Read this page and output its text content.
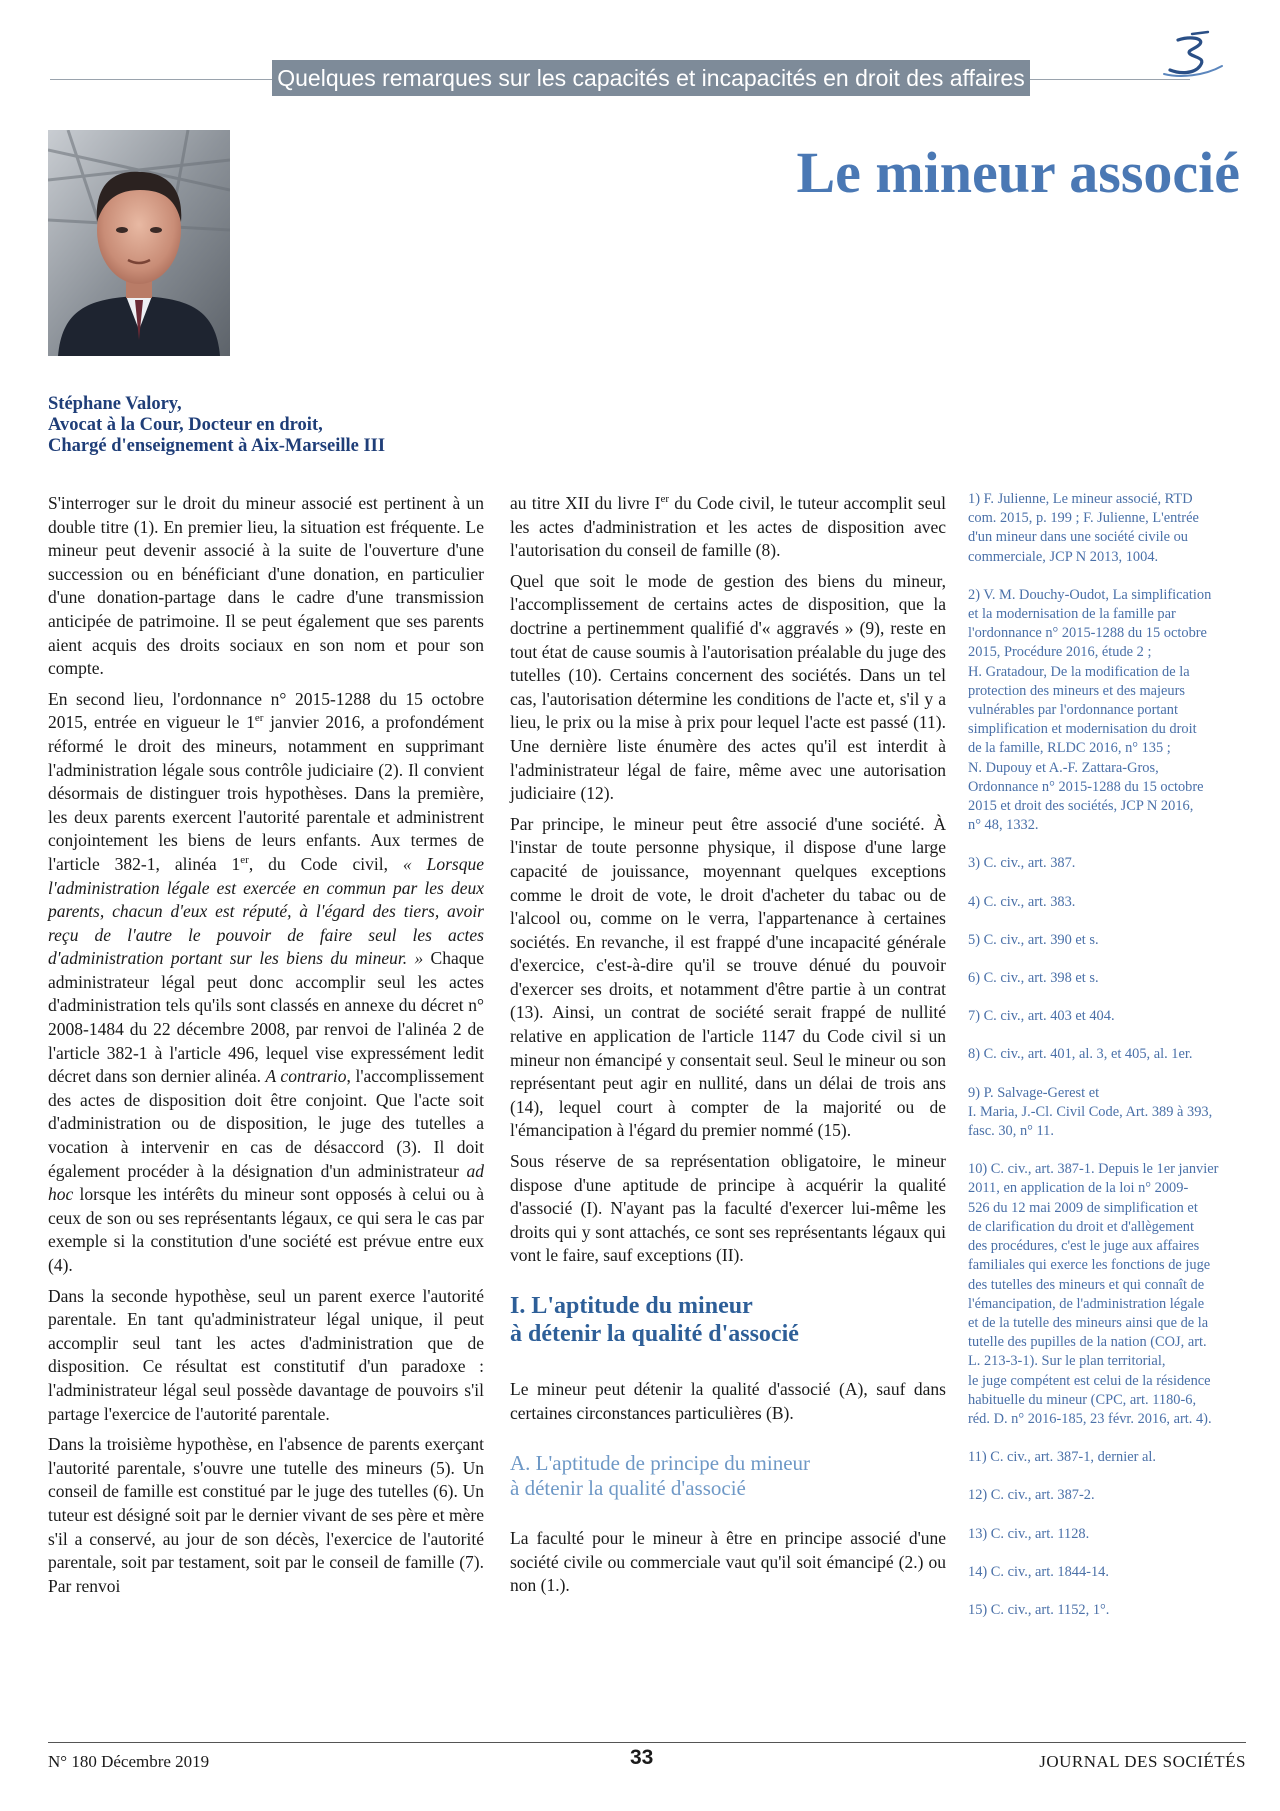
Quelques remarques sur les capacités et incapacités en droit des affaires
Le mineur associé
Stéphane Valory,
Avocat à la Cour, Docteur en droit,
Chargé d'enseignement à Aix-Marseille III

S'interroger sur le droit du mineur associé est pertinent à un double titre (1). En premier lieu, la situation est fréquente. Le mineur peut devenir associé à la suite de l'ouverture d'une succession ou en bénéficiant d'une donation, en particulier d'une donation-partage dans le cadre d'une transmission anticipée de patrimoine. Il se peut également que ses parents aient acquis des droits sociaux en son nom et pour son compte.

En second lieu, l'ordonnance n° 2015-1288 du 15 octobre 2015, entrée en vigueur le 1er janvier 2016, a profondément réformé le droit des mineurs, notamment en supprimant l'administration légale sous contrôle judiciaire (2). Il convient désormais de distinguer trois hypothèses. Dans la première, les deux parents exercent l'autorité parentale et administrent conjointement les biens de leurs enfants. Aux termes de l'article 382-1, alinéa 1er, du Code civil, « Lorsque l'administration légale est exercée en commun par les deux parents, chacun d'eux est réputé, à l'égard des tiers, avoir reçu de l'autre le pouvoir de faire seul les actes d'administration portant sur les biens du mineur. » Chaque administrateur légal peut donc accomplir seul les actes d'administration tels qu'ils sont classés en annexe du décret n° 2008-1484 du 22 décembre 2008, par renvoi de l'alinéa 2 de l'article 382-1 à l'article 496, lequel vise expressément ledit décret dans son dernier alinéa. A contrario, l'accomplissement des actes de disposition doit être conjoint. Que l'acte soit d'administration ou de disposition, le juge des tutelles a vocation à intervenir en cas de désaccord (3). Il doit également procéder à la désignation d'un administrateur ad hoc lorsque les intérêts du mineur sont opposés à celui ou à ceux de son ou ses représentants légaux, ce qui sera le cas par exemple si la constitution d'une société est prévue entre eux (4).

Dans la seconde hypothèse, seul un parent exerce l'autorité parentale. En tant qu'administrateur légal unique, il peut accomplir seul tant les actes d'administration que de disposition. Ce résultat est constitutif d'un paradoxe : l'administrateur légal seul possède davantage de pouvoirs s'il partage l'exercice de l'autorité parentale.

Dans la troisième hypothèse, en l'absence de parents exerçant l'autorité parentale, s'ouvre une tutelle des mineurs (5). Un conseil de famille est constitué par le juge des tutelles (6). Un tuteur est désigné soit par le dernier vivant de ses père et mère s'il a conservé, au jour de son décès, l'exercice de l'autorité parentale, soit par testament, soit par le conseil de famille (7). Par renvoi

au titre XII du livre Ier du Code civil, le tuteur accomplit seul les actes d'administration et les actes de disposition avec l'autorisation du conseil de famille (8).

Quel que soit le mode de gestion des biens du mineur, l'accomplissement de certains actes de disposition, que la doctrine a pertinemment qualifié d'« aggravés » (9), reste en tout état de cause soumis à l'autorisation préalable du juge des tutelles (10). Certains concernent des sociétés. Dans un tel cas, l'autorisation détermine les conditions de l'acte et, s'il y a lieu, le prix ou la mise à prix pour lequel l'acte est passé (11). Une dernière liste énumère des actes qu'il est interdit à l'administrateur légal de faire, même avec une autorisation judiciaire (12).

Par principe, le mineur peut être associé d'une société. À l'instar de toute personne physique, il dispose d'une large capacité de jouissance, moyennant quelques exceptions comme le droit de vote, le droit d'acheter du tabac ou de l'alcool ou, comme on le verra, l'appartenance à certaines sociétés. En revanche, il est frappé d'une incapacité générale d'exercice, c'est-à-dire qu'il se trouve dénué du pouvoir d'exercer ses droits, et notamment d'être partie à un contrat (13). Ainsi, un contrat de société serait frappé de nullité relative en application de l'article 1147 du Code civil si un mineur non émancipé y consentait seul. Seul le mineur ou son représentant peut agir en nullité, dans un délai de trois ans (14), lequel court à compter de la majorité ou de l'émancipation à l'égard du premier nommé (15).

Sous réserve de sa représentation obligatoire, le mineur dispose d'une aptitude de principe à acquérir la qualité d'associé (I). N'ayant pas la faculté d'exercer lui-même les droits qui y sont attachés, ce sont ses représentants légaux qui vont le faire, sauf exceptions (II).

I. L'aptitude du mineur
à détenir la qualité d'associé

Le mineur peut détenir la qualité d'associé (A), sauf dans certaines circonstances particulières (B).

A. L'aptitude de principe du mineur
à détenir la qualité d'associé

La faculté pour le mineur à être en principe associé d'une société civile ou commerciale vaut qu'il soit émancipé (2.) ou non (1.).

1) F. Julienne, Le mineur associé, RTD
com. 2015, p. 199 ; F. Julienne, L'entrée
d'un mineur dans une société civile ou
commerciale, JCP N 2013, 1004.
2) V. M. Douchy-Oudot, La simplification
et la modernisation de la famille par
l'ordonnance n° 2015-1288 du 15 octobre
2015, Procédure 2016, étude 2 ;
H. Gratadour, De la modification de la
protection des mineurs et des majeurs
vulnérables par l'ordonnance portant
simplification et modernisation du droit
de la famille, RLDC 2016, n° 135 ;
N. Dupouy et A.-F. Zattara-Gros,
Ordonnance n° 2015-1288 du 15 octobre
2015 et droit des sociétés, JCP N 2016,
n° 48, 1332.
3) C. civ., art. 387.
4) C. civ., art. 383.
5) C. civ., art. 390 et s.
6) C. civ., art. 398 et s.
7) C. civ., art. 403 et 404.
8) C. civ., art. 401, al. 3, et 405, al. 1er.
9) P. Salvage-Gerest et
I. Maria, J.-Cl. Civil Code, Art. 389 à 393,
fasc. 30, n° 11.
10) C. civ., art. 387-1. Depuis le 1er janvier
2011, en application de la loi n° 2009-
526 du 12 mai 2009 de simplification et
de clarification du droit et d'allègement
des procédures, c'est le juge aux affaires
familiales qui exerce les fonctions de juge
des tutelles des mineurs et qui connaît de
l'émancipation, de l'administration légale
et de la tutelle des mineurs ainsi que de la
tutelle des pupilles de la nation (COJ, art.
L. 213-3-1). Sur le plan territorial,
le juge compétent est celui de la résidence
habituelle du mineur (CPC, art. 1180-6,
réd. D. n° 2016-185, 23 févr. 2016, art. 4).
11) C. civ., art. 387-1, dernier al.
12) C. civ., art. 387-2.
13) C. civ., art. 1128.
14) C. civ., art. 1844-14.
15) C. civ., art. 1152, 1°.
N° 180 Décembre 2019	33	JOURNAL DES SOCIÉTÉS
